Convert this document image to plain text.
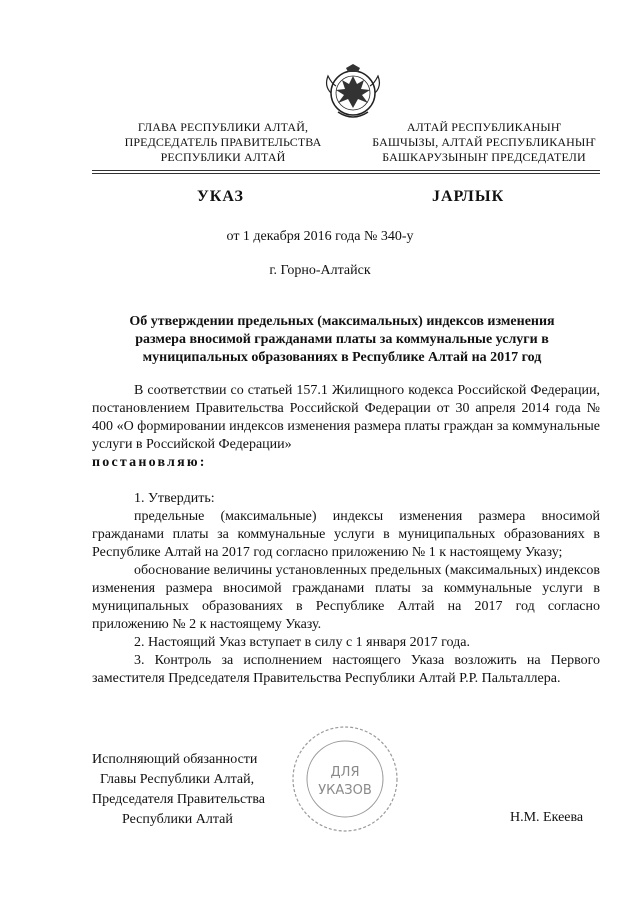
ГЛАВА РЕСПУБЛИКИ АЛТАЙ,
ПРЕДСЕДАТЕЛЬ ПРАВИТЕЛЬСТВА
РЕСПУБЛИКИ АЛТАЙ
АЛТАЙ РЕСПУБЛИКАНЫҤ
БАШЧЫЗЫ, АЛТАЙ РЕСПУБЛИКАНЫҤ
БАШКАРУЗЫНЫҤ ПРЕДСЕДАТЕЛИ
УКАЗ	ЈАРЛЫК
от 1 декабря 2016 года № 340-у
г. Горно-Алтайск
Об утверждении предельных (максимальных) индексов изменения размера вносимой гражданами платы за коммунальные услуги в муниципальных образованиях в Республике Алтай на 2017 год

В соответствии со статьей 157.1 Жилищного кодекса Российской Федерации, постановлением Правительства Российской Федерации от 30 апреля 2014 года № 400 «О формировании индексов изменения размера платы граждан за коммунальные услуги в Российской Федерации»

постановляю:

1. Утвердить:

предельные (максимальные) индексы изменения размера вносимой гражданами платы за коммунальные услуги в муниципальных образованиях в Республике Алтай на 2017 год согласно приложению № 1 к настоящему Указу;

обоснование величины установленных предельных (максимальных) индексов изменения размера вносимой гражданами платы за коммунальные услуги в муниципальных образованиях в Республике Алтай на 2017 год согласно приложению № 2 к настоящему Указу.

2. Настоящий Указ вступает в силу с 1 января 2017 года.

3. Контроль за исполнением настоящего Указа возложить на Первого заместителя Председателя Правительства Республики Алтай Р.Р. Пальталлера.

ДЛЯ
УКАЗОВ
Исполняющий обязанности
Главы Республики Алтай,
Председателя Правительства
Республики Алтай	Н.М. Екеева
